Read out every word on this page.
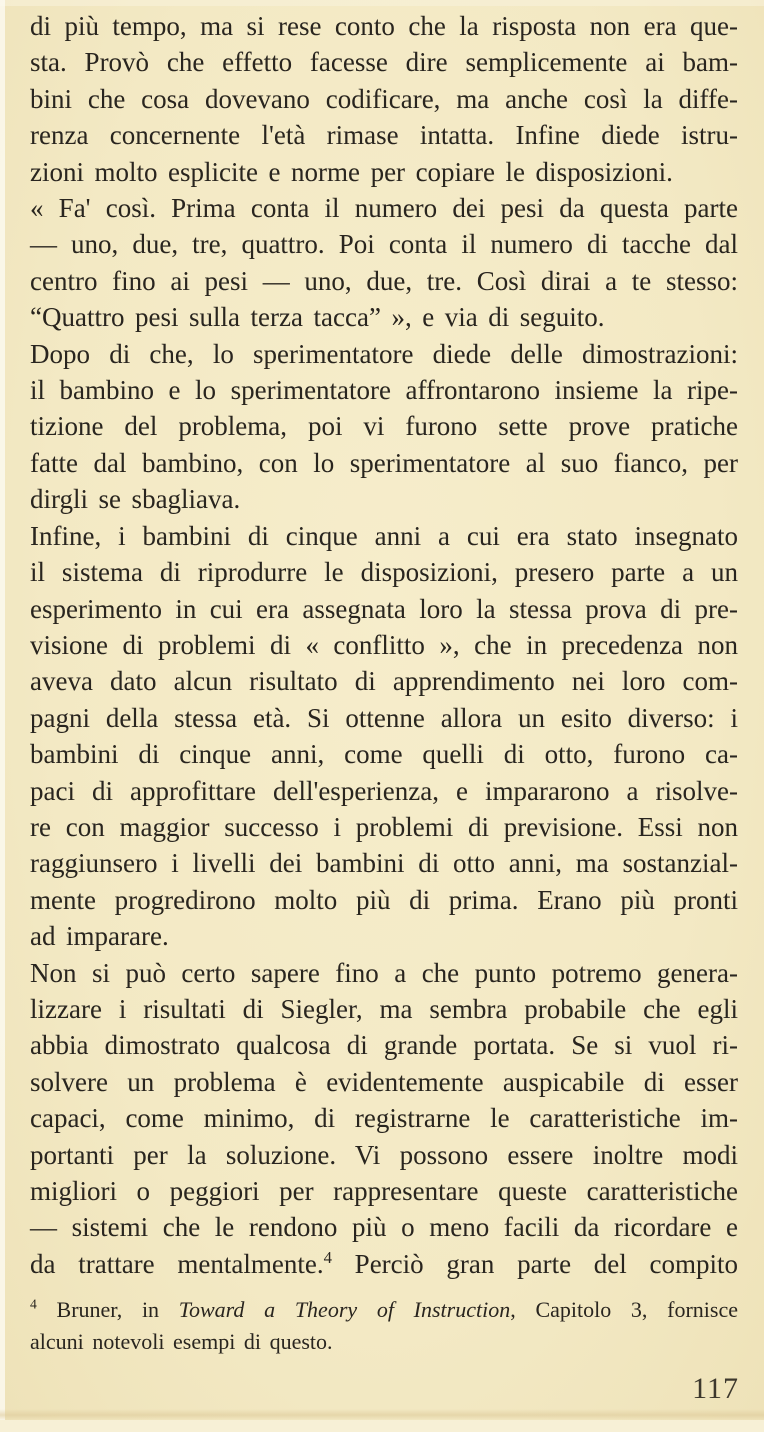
di più tempo, ma si rese conto che la risposta non era que-
sta. Provò che effetto facesse dire semplicemente ai bam-
bini che cosa dovevano codificare, ma anche così la diffe-
renza concernente l'età rimase intatta. Infine diede istru-
zioni molto esplicite e norme per copiare le disposizioni.
« Fa' così. Prima conta il numero dei pesi da questa parte
— uno, due, tre, quattro. Poi conta il numero di tacche dal
centro fino ai pesi — uno, due, tre. Così dirai a te stesso:
“Quattro pesi sulla terza tacca” », e via di seguito.
Dopo di che, lo sperimentatore diede delle dimostrazioni:
il bambino e lo sperimentatore affrontarono insieme la ripe-
tizione del problema, poi vi furono sette prove pratiche
fatte dal bambino, con lo sperimentatore al suo fianco, per
dirgli se sbagliava.
Infine, i bambini di cinque anni a cui era stato insegnato
il sistema di riprodurre le disposizioni, presero parte a un
esperimento in cui era assegnata loro la stessa prova di pre-
visione di problemi di « conflitto », che in precedenza non
aveva dato alcun risultato di apprendimento nei loro com-
pagni della stessa età. Si ottenne allora un esito diverso: i
bambini di cinque anni, come quelli di otto, furono ca-
paci di approfittare dell'esperienza, e impararono a risolve-
re con maggior successo i problemi di previsione. Essi non
raggiunsero i livelli dei bambini di otto anni, ma sostanzial-
mente progredirono molto più di prima. Erano più pronti
ad imparare.
Non si può certo sapere fino a che punto potremo genera-
lizzare i risultati di Siegler, ma sembra probabile che egli
abbia dimostrato qualcosa di grande portata. Se si vuol ri-
solvere un problema è evidentemente auspicabile di esser
capaci, come minimo, di registrarne le caratteristiche im-
portanti per la soluzione. Vi possono essere inoltre modi
migliori o peggiori per rappresentare queste caratteristiche
— sistemi che le rendono più o meno facili da ricordare e
da trattare mentalmente.$^4$ Perciò gran parte del compito
$^4$ Bruner, in Toward a Theory of Instruction, Capitolo 3, fornisce
alcuni notevoli esempi di questo.
117
